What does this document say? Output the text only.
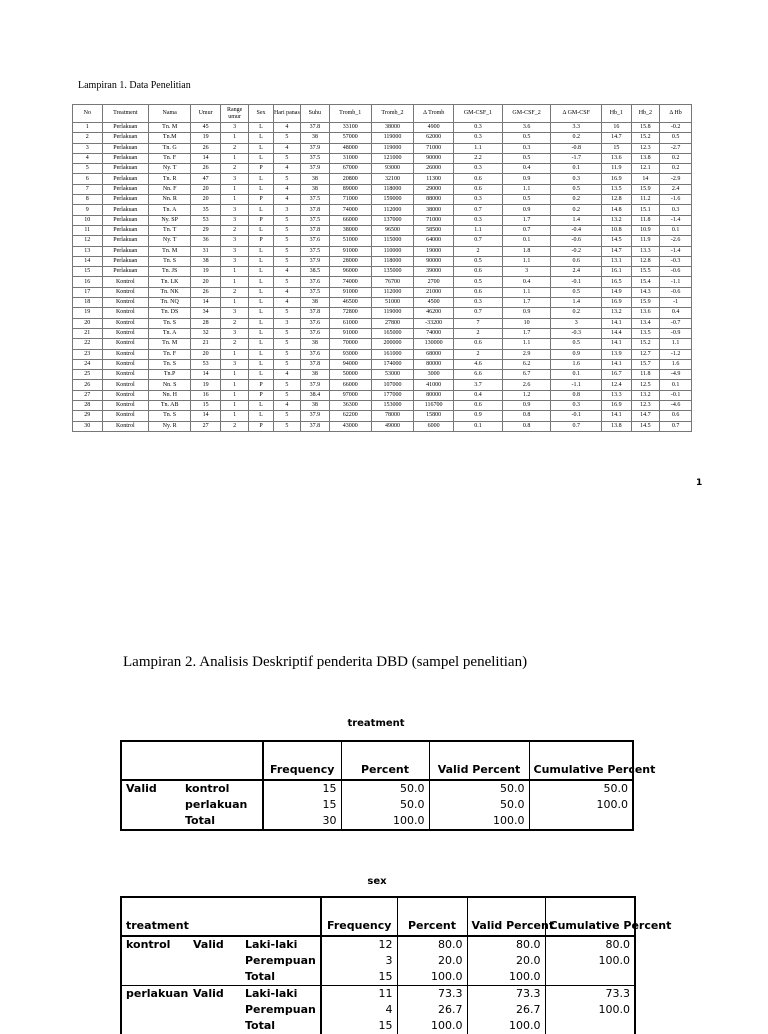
Lampiran 1. Data Penelitian
No	Treatment	Nama	Umur	Range umur	Sex	Hari panas	Suhu	Tromb_1	Tromb_2	Δ Tromb	GM-CSF_1	GM-CSF_2	Δ GM-CSF	Hb_1	Hb_2	Δ Hb
1	Perlakuan	Tn. M	45	3	L	4	37.8	33100	38000	4900	0.3	3.6	3.3	16	15.8	-0.2
2	Perlakuan	Tn.M	19	1	L	5	38	57000	119000	62000	0.3	0.5	0.2	14.7	15.2	0.5
3	Perlakuan	Tn. G	26	2	L	4	37.9	48000	119000	71000	1.1	0.3	-0.8	15	12.3	-2.7
4	Perlakuan	Tn. F	14	1	L	5	37.5	31000	121000	90000	2.2	0.5	-1.7	13.6	13.8	0.2
5	Perlakuan	Ny. T	26	2	P	4	37.9	67000	93000	26000	0.3	0.4	0.1	11.9	12.1	0.2
6	Perlakuan	Tn. R	47	3	L	5	38	20800	32100	11300	0.6	0.9	0.3	16.9	14	-2.9
7	Perlakuan	Nn. F	20	1	L	4	38	89000	118000	29000	0.6	1.1	0.5	13.5	15.9	2.4
8	Perlakuan	Nn. R	20	1	P	4	37.5	71000	159000	88000	0.3	0.5	0.2	12.8	11.2	-1.6
9	Perlakuan	Tn. A	35	3	L	3	37.8	74000	112000	38000	0.7	0.9	0.2	14.8	15.1	0.3
10	Perlakuan	Ny. SP	53	3	P	5	37.5	66000	137000	71000	0.3	1.7	1.4	13.2	11.8	-1.4
11	Perlakuan	Tn. T	29	2	L	5	37.8	38000	96500	58500	1.1	0.7	-0.4	10.8	10.9	0.1
12	Perlakuan	Ny. T	36	3	P	5	37.6	51000	115000	64000	0.7	0.1	-0.6	14.5	11.9	-2.6
13	Perlakuan	Tn. M	31	3	L	5	37.5	91000	110000	19000	2	1.8	-0.2	14.7	13.3	-1.4
14	Perlakuan	Tn. S	38	3	L	5	37.9	28000	118000	90000	0.5	1.1	0.6	13.1	12.8	-0.3
15	Perlakuan	Tn. JS	19	1	L	4	38.5	96000	135000	39000	0.6	3	2.4	16.1	15.5	-0.6
16	Kontrol	Tn. LK	20	1	L	5	37.6	74000	76700	2700	0.5	0.4	-0.1	16.5	15.4	-1.1
17	Kontrol	Tn. NK	26	2	L	4	37.5	91000	112000	21000	0.6	1.1	0.5	14.9	14.3	-0.6
18	Kontrol	Tn. NQ	14	1	L	4	38	46500	51000	4500	0.3	1.7	1.4	16.9	15.9	-1
19	Kontrol	Tn. DS	34	3	L	5	37.8	72800	119000	46200	0.7	0.9	0.2	13.2	13.6	0.4
20	Kontrol	Tn. S	28	2	L	3	37.6	61000	27800	-33200	7	10	3	14.1	13.4	-0.7
21	Kontrol	Tn. A	32	3	L	5	37.6	91000	165000	74000	2	1.7	-0.3	14.4	13.5	-0.9
22	Kontrol	Tn. M	21	2	L	5	38	70000	200000	130000	0.6	1.1	0.5	14.1	15.2	1.1
23	Kontrol	Tn. F	20	1	L	5	37.6	93000	161000	68000	2	2.9	0.9	13.9	12.7	-1.2
24	Kontrol	Tn. S	53	3	L	5	37.8	94000	174000	80000	4.6	6.2	1.6	14.1	15.7	1.6
25	Kontrol	Tn.P	14	1	L	4	38	50000	53000	3000	6.6	6.7	0.1	16.7	11.8	-4.9
26	Kontrol	Nn. S	19	1	P	5	37.9	66000	107000	41000	3.7	2.6	-1.1	12.4	12.5	0.1
27	Kontrol	Nn. H	16	1	P	5	38.4	97000	177000	80000	0.4	1.2	0.8	13.3	13.2	-0.1
28	Kontrol	Tn. AB	15	1	L	4	38	36300	153000	116700	0.6	0.9	0.3	16.9	12.3	-4.6
29	Kontrol	Tn. S	14	1	L	5	37.9	62200	78000	15800	0.9	0.8	-0.1	14.1	14.7	0.6
30	Kontrol	Ny. R	27	2	P	5	37.8	43000	49000	6000	0.1	0.8	0.7	13.8	14.5	0.7
1
Lampiran 2. Analisis Deskriptif penderita DBD (sampel penelitian)
treatment
		Frequency	Percent	Valid Percent	Cumulative Percent
Valid	kontrol	15	50.0	50.0	50.0
	perlakuan	15	50.0	50.0	100.0
	Total	30	100.0	100.0	
sex
treatment			Frequency	Percent	Valid Percent	Cumulative Percent
kontrol	Valid	Laki-laki	12	80.0	80.0	80.0
		Perempuan	3	20.0	20.0	100.0
		Total	15	100.0	100.0	
perlakuan	Valid	Laki-laki	11	73.3	73.3	73.3
		Perempuan	4	26.7	26.7	100.0
		Total	15	100.0	100.0	
